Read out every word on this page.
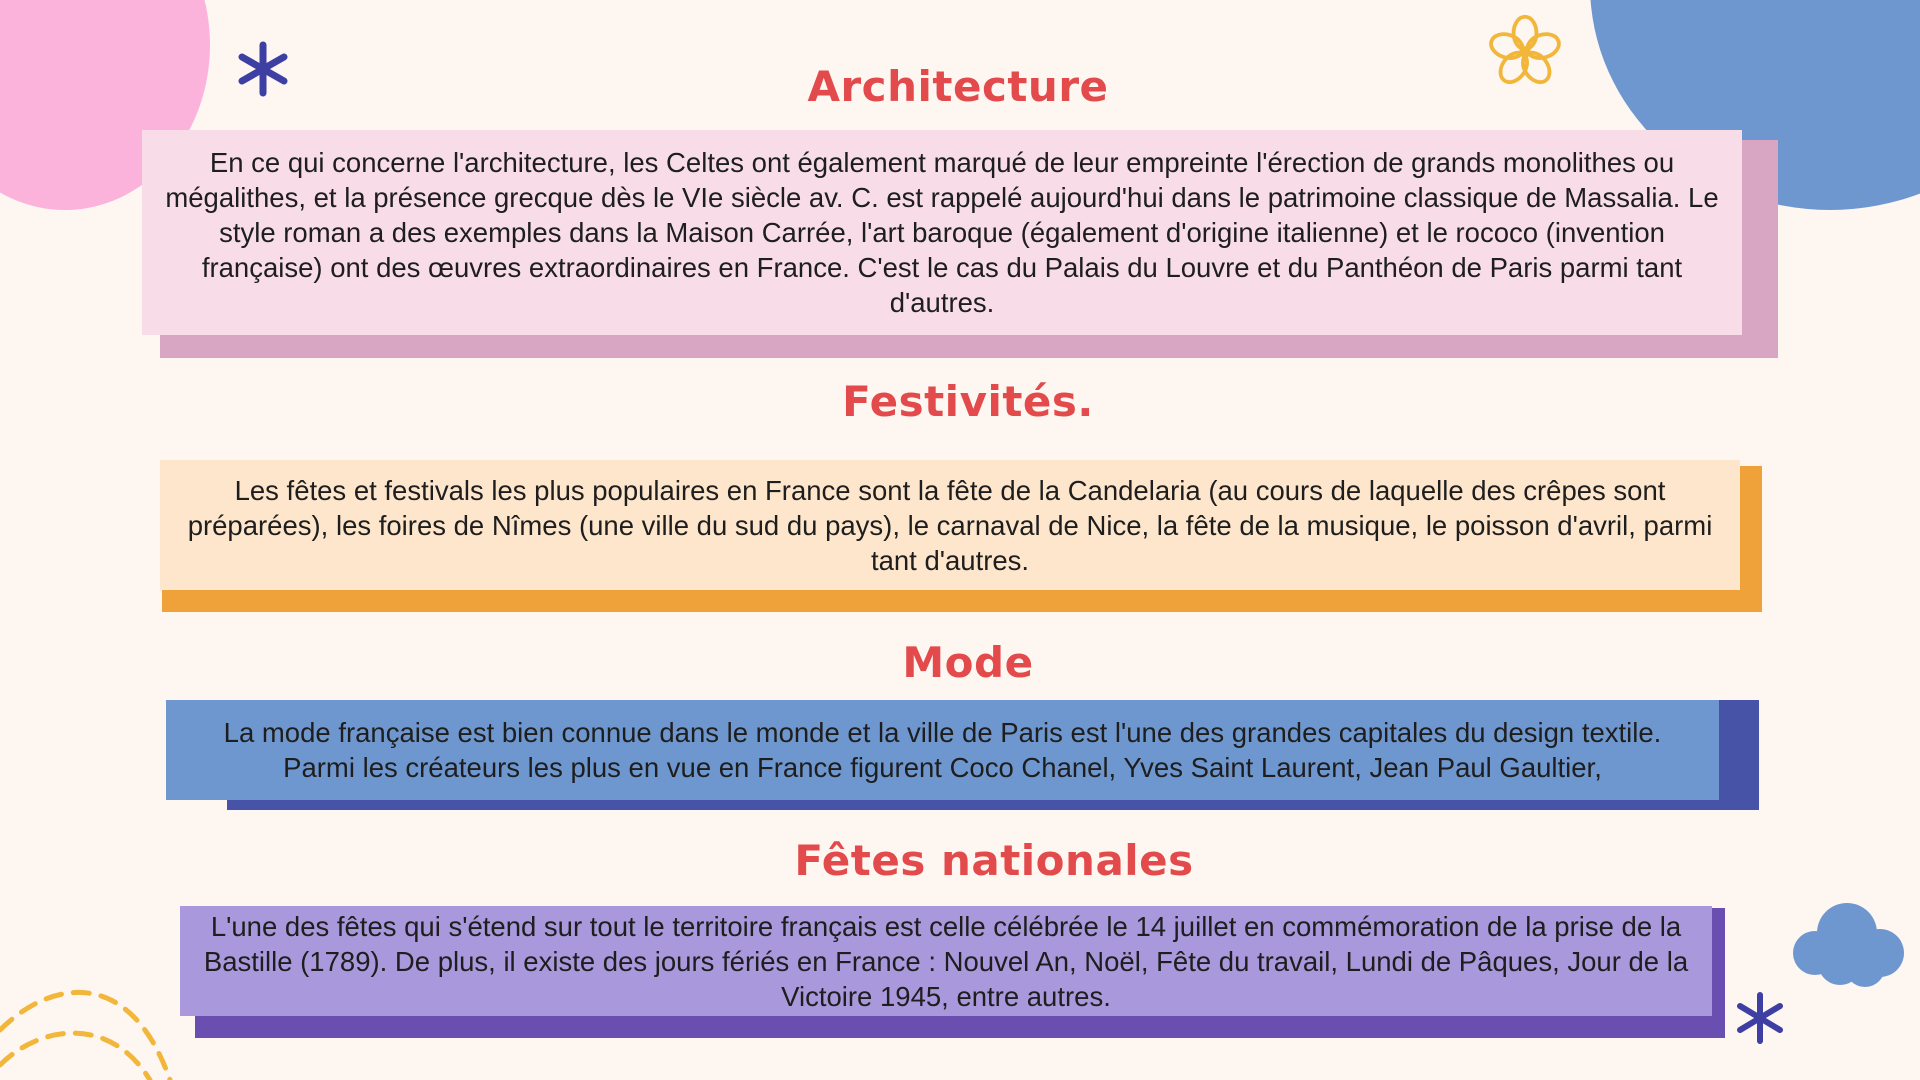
Architecture

En ce qui concerne l'architecture, les Celtes ont également marqué de leur empreinte l'érection de grands monolithes ou mégalithes, et la présence grecque dès le VIe siècle av. C. est rappelé aujourd'hui dans le patrimoine classique de Massalia. Le style roman a des exemples dans la Maison Carrée, l'art baroque (également d'origine italienne) et le rococo (invention française) ont des œuvres extraordinaires en France. C'est le cas du Palais du Louvre et du Panthéon de Paris parmi tant d'autres.

Festivités.

Les fêtes et festivals les plus populaires en France sont la fête de la Candelaria (au cours de laquelle des crêpes sont préparées), les foires de Nîmes (une ville du sud du pays), le carnaval de Nice, la fête de la musique, le poisson d'avril, parmi tant d'autres.

Mode

La mode française est bien connue dans le monde et la ville de Paris est l'une des grandes capitales du design textile. Parmi les créateurs les plus en vue en France figurent Coco Chanel, Yves Saint Laurent, Jean Paul Gaultier,

Fêtes nationales

L'une des fêtes qui s'étend sur tout le territoire français est celle célébrée le 14 juillet en commémoration de la prise de la Bastille (1789). De plus, il existe des jours fériés en France : Nouvel An, Noël, Fête du travail, Lundi de Pâques, Jour de la Victoire 1945, entre autres.
